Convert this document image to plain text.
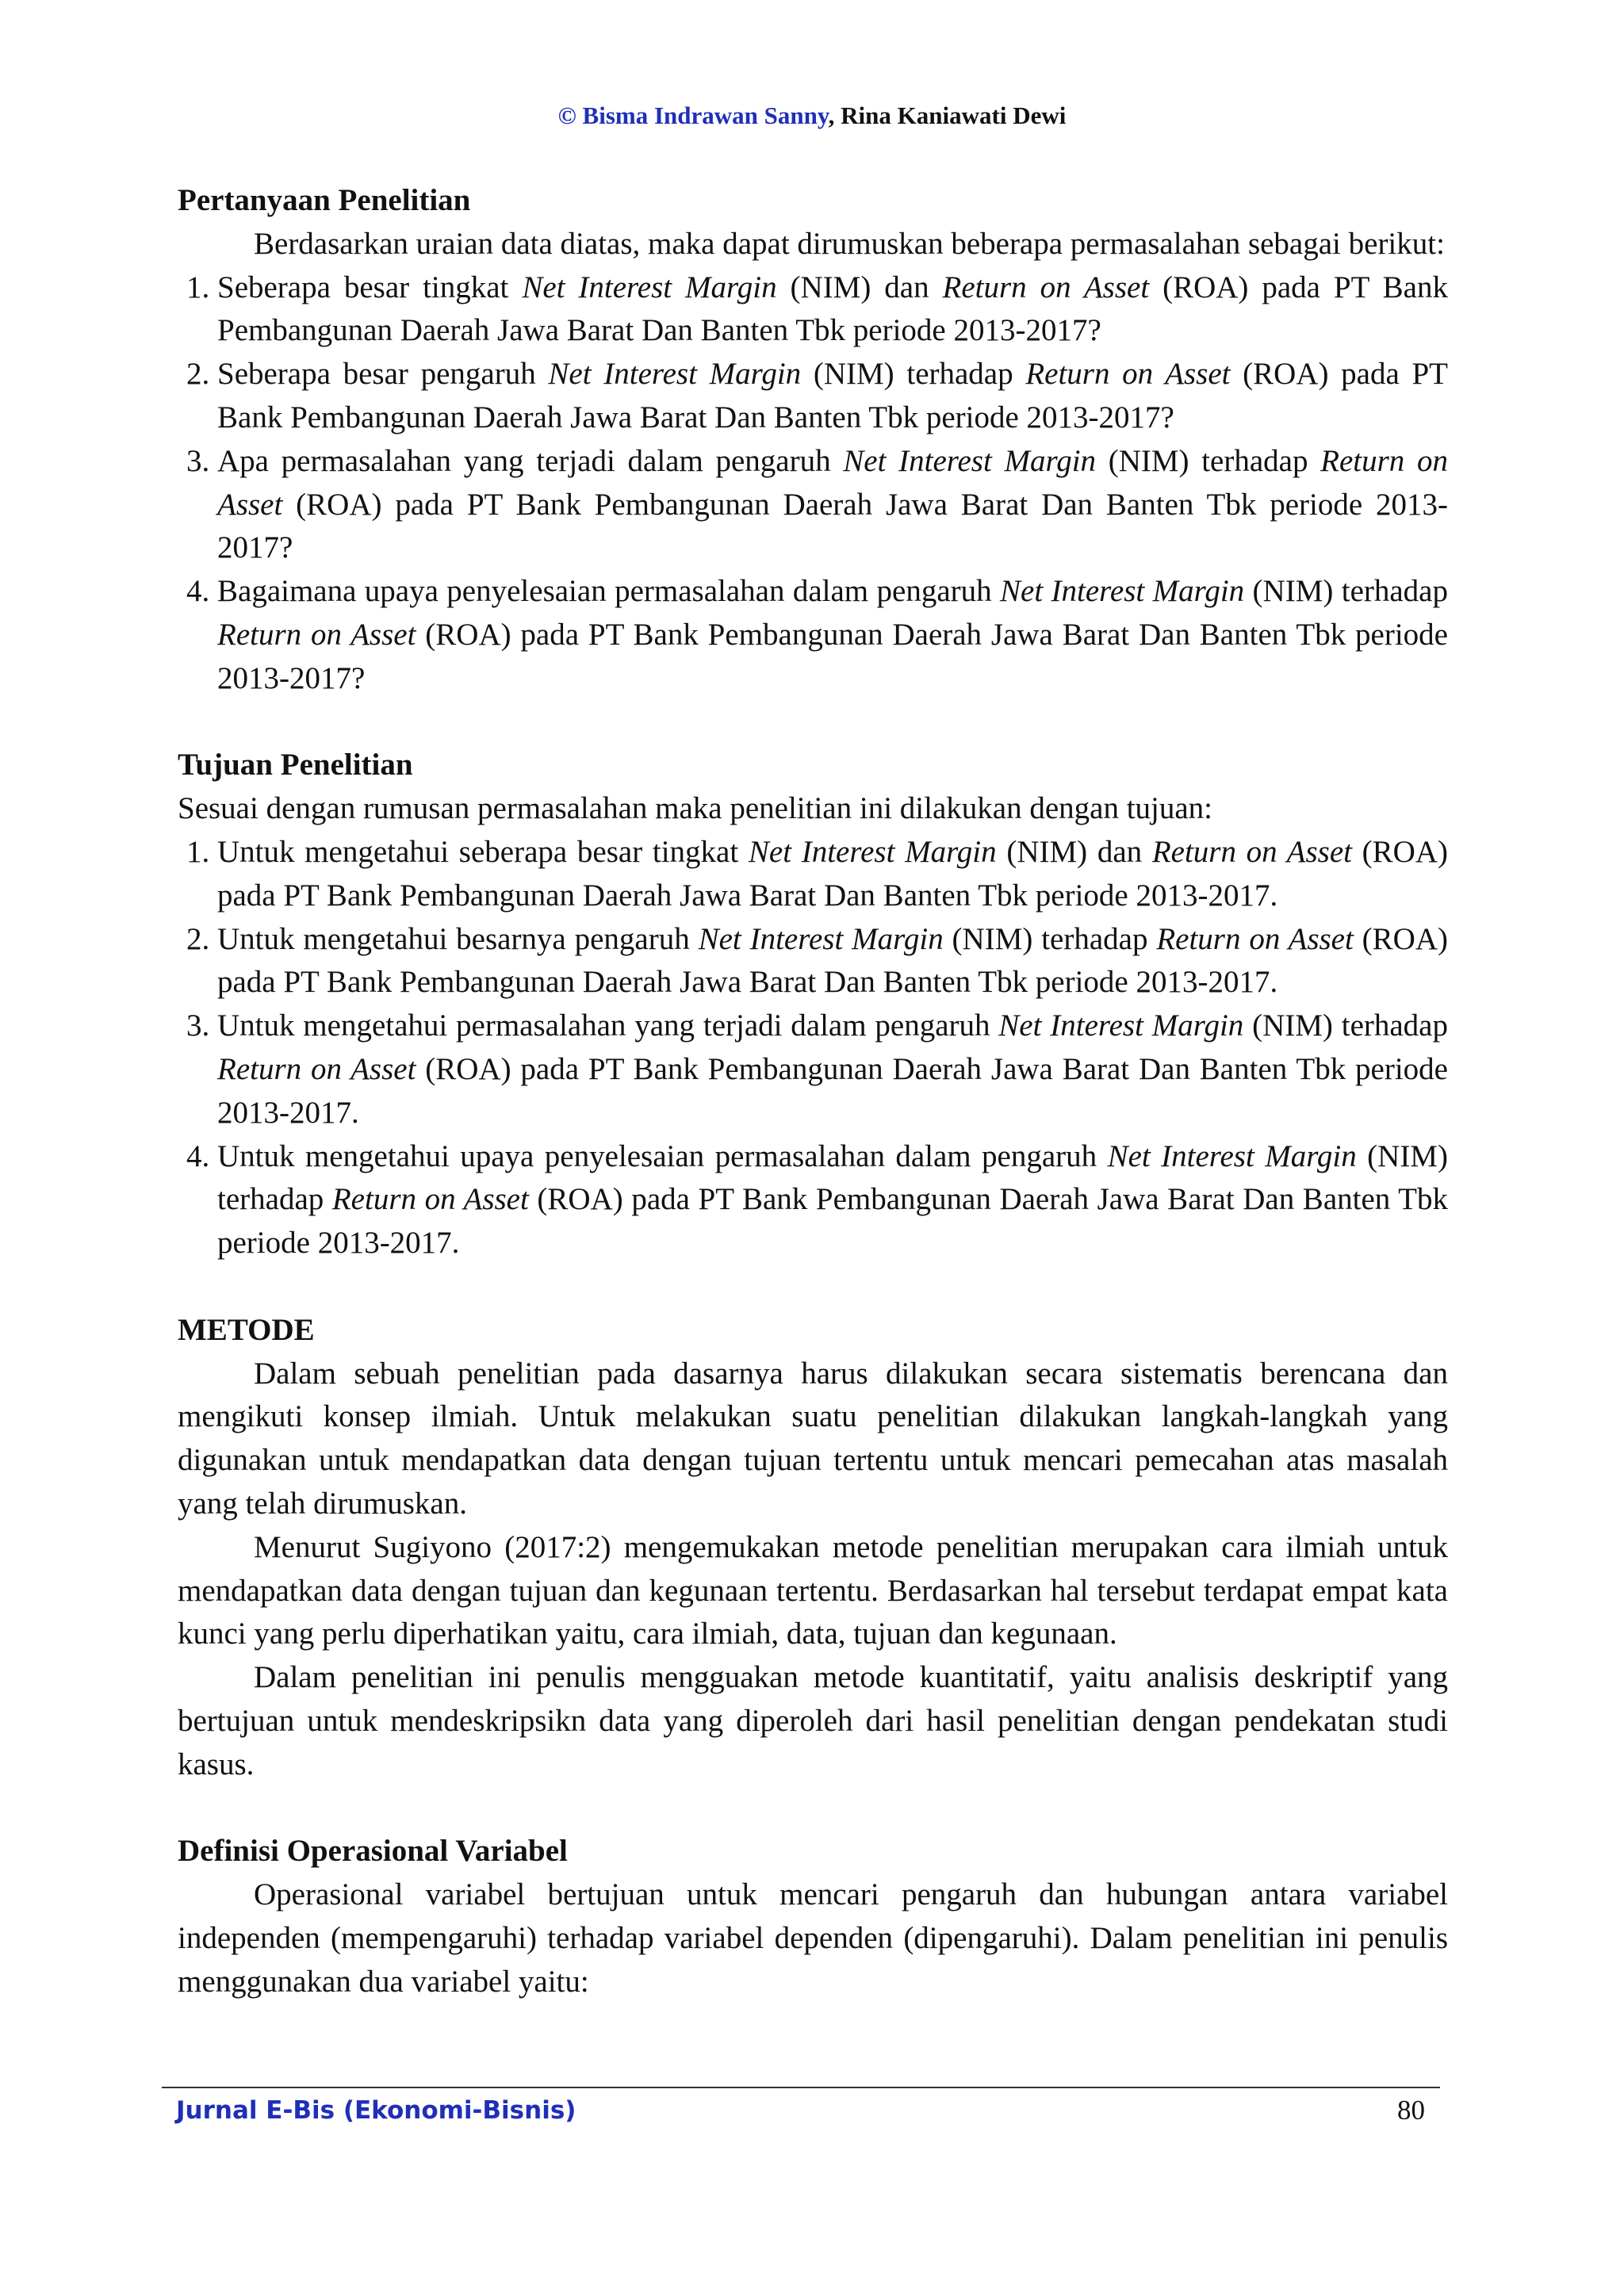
© Bisma Indrawan Sanny, Rina Kaniawati Dewi
Pertanyaan Penelitian

Berdasarkan uraian data diatas, maka dapat dirumuskan beberapa permasalahan sebagai berikut:

1. Seberapa besar tingkat Net Interest Margin (NIM) dan Return on Asset (ROA) pada PT Bank Pembangunan Daerah Jawa Barat Dan Banten Tbk periode 2013-2017?
2. Seberapa besar pengaruh Net Interest Margin (NIM) terhadap Return on Asset (ROA) pada PT Bank Pembangunan Daerah Jawa Barat Dan Banten Tbk periode 2013-2017?
3. Apa permasalahan yang terjadi dalam pengaruh Net Interest Margin (NIM) terhadap Return on Asset (ROA) pada PT Bank Pembangunan Daerah Jawa Barat Dan Banten Tbk periode 2013-2017?
4. Bagaimana upaya penyelesaian permasalahan dalam pengaruh Net Interest Margin (NIM) terhadap Return on Asset (ROA) pada PT Bank Pembangunan Daerah Jawa Barat Dan Banten Tbk periode 2013-2017?
Tujuan Penelitian

Sesuai dengan rumusan permasalahan maka penelitian ini dilakukan dengan tujuan:

1. Untuk mengetahui seberapa besar tingkat Net Interest Margin (NIM) dan Return on Asset (ROA) pada PT Bank Pembangunan Daerah Jawa Barat Dan Banten Tbk periode 2013-2017.
2. Untuk mengetahui besarnya pengaruh Net Interest Margin (NIM) terhadap Return on Asset (ROA) pada PT Bank Pembangunan Daerah Jawa Barat Dan Banten Tbk periode 2013-2017.
3. Untuk mengetahui permasalahan yang terjadi dalam pengaruh Net Interest Margin (NIM) terhadap Return on Asset (ROA) pada PT Bank Pembangunan Daerah Jawa Barat Dan Banten Tbk periode 2013-2017.
4. Untuk mengetahui upaya penyelesaian permasalahan dalam pengaruh Net Interest Margin (NIM) terhadap Return on Asset (ROA) pada PT Bank Pembangunan Daerah Jawa Barat Dan Banten Tbk periode 2013-2017.
METODE

Dalam sebuah penelitian pada dasarnya harus dilakukan secara sistematis berencana dan mengikuti konsep ilmiah. Untuk melakukan suatu penelitian dilakukan langkah-langkah yang digunakan untuk mendapatkan data dengan tujuan tertentu untuk mencari pemecahan atas masalah yang telah dirumuskan.

Menurut Sugiyono (2017:2) mengemukakan metode penelitian merupakan cara ilmiah untuk mendapatkan data dengan tujuan dan kegunaan tertentu. Berdasarkan hal tersebut terdapat empat kata kunci yang perlu diperhatikan yaitu, cara ilmiah, data, tujuan dan kegunaan.

Dalam penelitian ini penulis mengguakan metode kuantitatif, yaitu analisis deskriptif yang bertujuan untuk mendeskripsikn data yang diperoleh dari hasil penelitian dengan pendekatan studi kasus.

Definisi Operasional Variabel

Operasional variabel bertujuan untuk mencari pengaruh dan hubungan antara variabel independen (mempengaruhi) terhadap variabel dependen (dipengaruhi). Dalam penelitian ini penulis menggunakan dua variabel yaitu:

Jurnal E-Bis (Ekonomi-Bisnis)	80
